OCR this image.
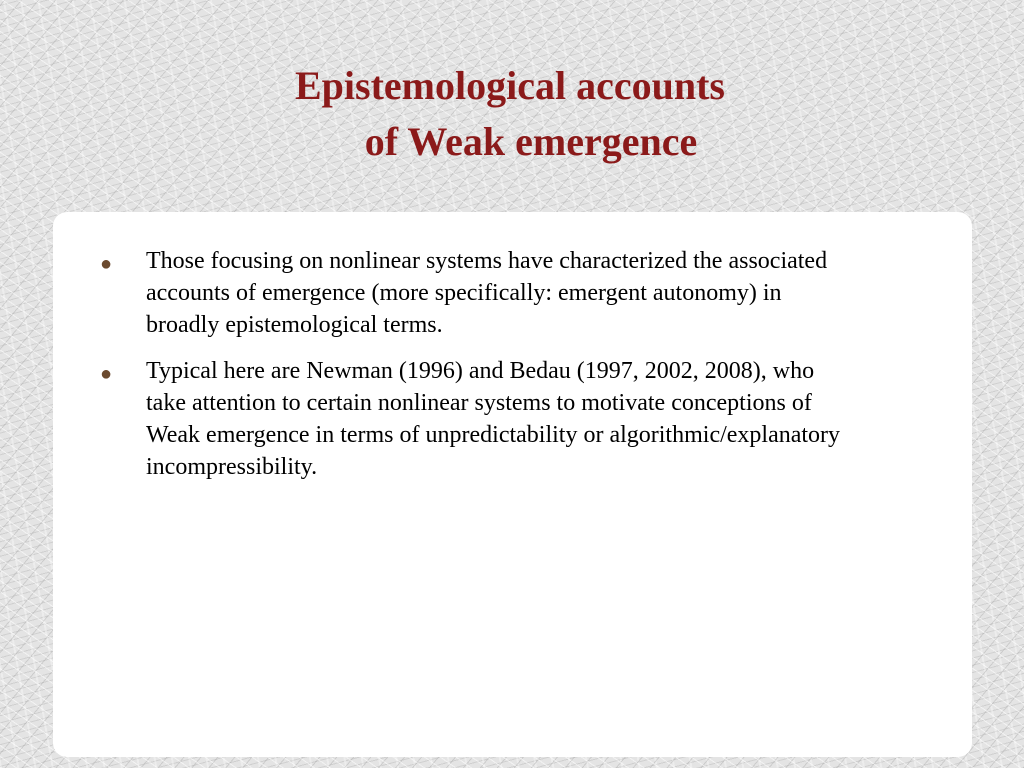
Epistemological accounts
of Weak emergence
● Those focusing on nonlinear systems have characterized the associated accounts of emergence (more specifically: emergent autonomy) in broadly epistemological terms.
● Typical here are Newman (1996) and Bedau (1997, 2002, 2008), who take attention to certain nonlinear systems to motivate conceptions of Weak emergence in terms of unpredictability or algorithmic/explanatory incompressibility.
